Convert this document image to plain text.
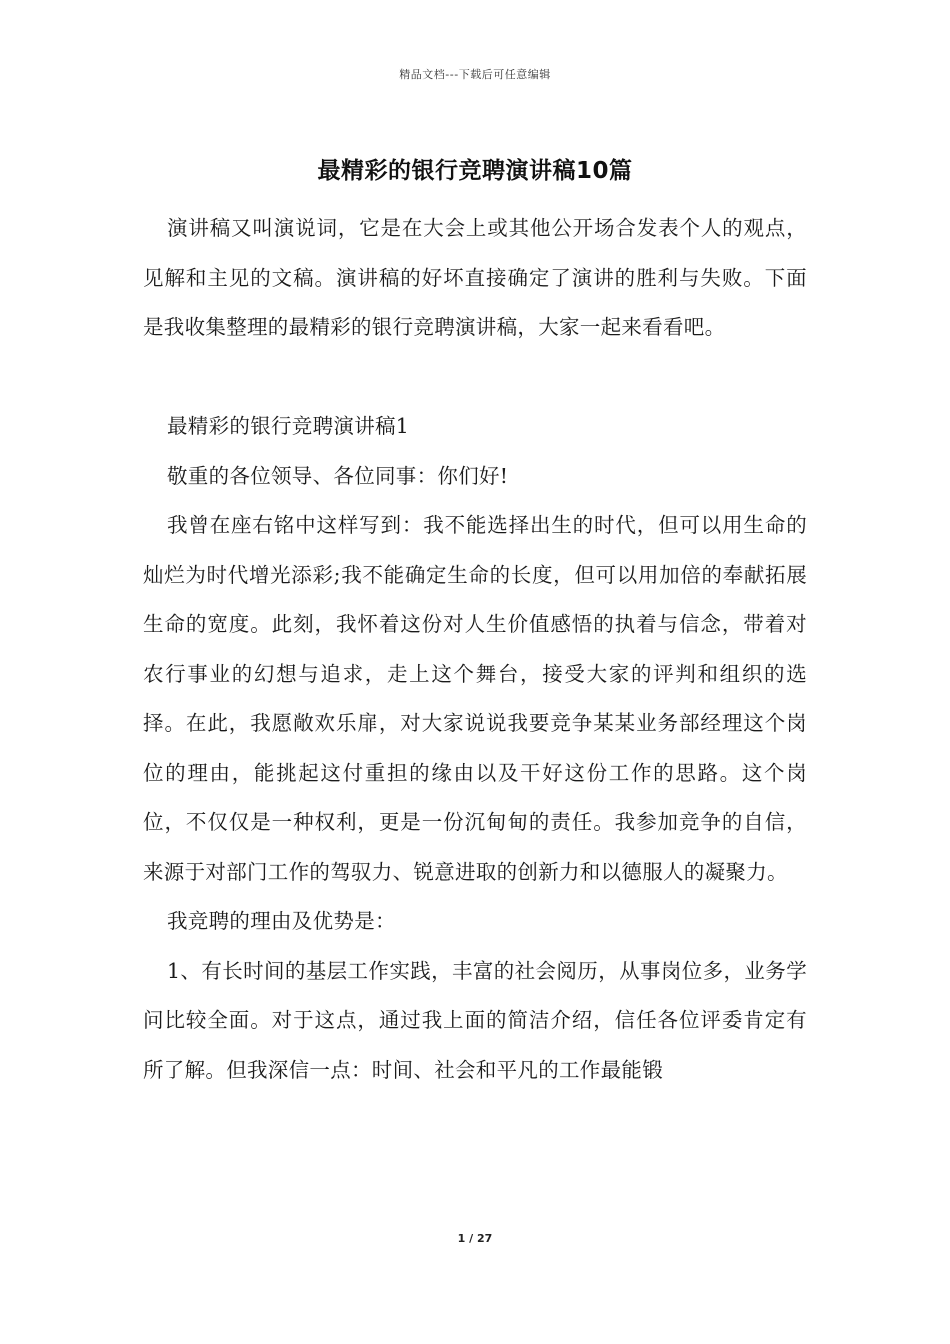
精品文档---下载后可任意编辑
最精彩的银行竞聘演讲稿10篇

演讲稿又叫演说词，它是在大会上或其他公开场合发表个人的观点，见解和主见的文稿。演讲稿的好坏直接确定了演讲的胜利与失败。下面是我收集整理的最精彩的银行竞聘演讲稿，大家一起来看看吧。

最精彩的银行竞聘演讲稿1

敬重的各位领导、各位同事：你们好!

我曾在座右铭中这样写到：我不能选择出生的时代，但可以用生命的灿烂为时代增光添彩;我不能确定生命的长度，但可以用加倍的奉献拓展生命的宽度。此刻，我怀着这份对人生价值感悟的执着与信念，带着对农行事业的幻想与追求，走上这个舞台，接受大家的评判和组织的选择。在此，我愿敞欢乐扉，对大家说说我要竞争某某业务部经理这个岗位的理由，能挑起这付重担的缘由以及干好这份工作的思路。这个岗位，不仅仅是一种权利，更是一份沉甸甸的责任。我参加竞争的自信，来源于对部门工作的驾驭力、锐意进取的创新力和以德服人的凝聚力。

我竞聘的理由及优势是：

1、有长时间的基层工作实践，丰富的社会阅历，从事岗位多，业务学问比较全面。对于这点，通过我上面的简洁介绍，信任各位评委肯定有所了解。但我深信一点：时间、社会和平凡的工作最能锻

1 / 27
